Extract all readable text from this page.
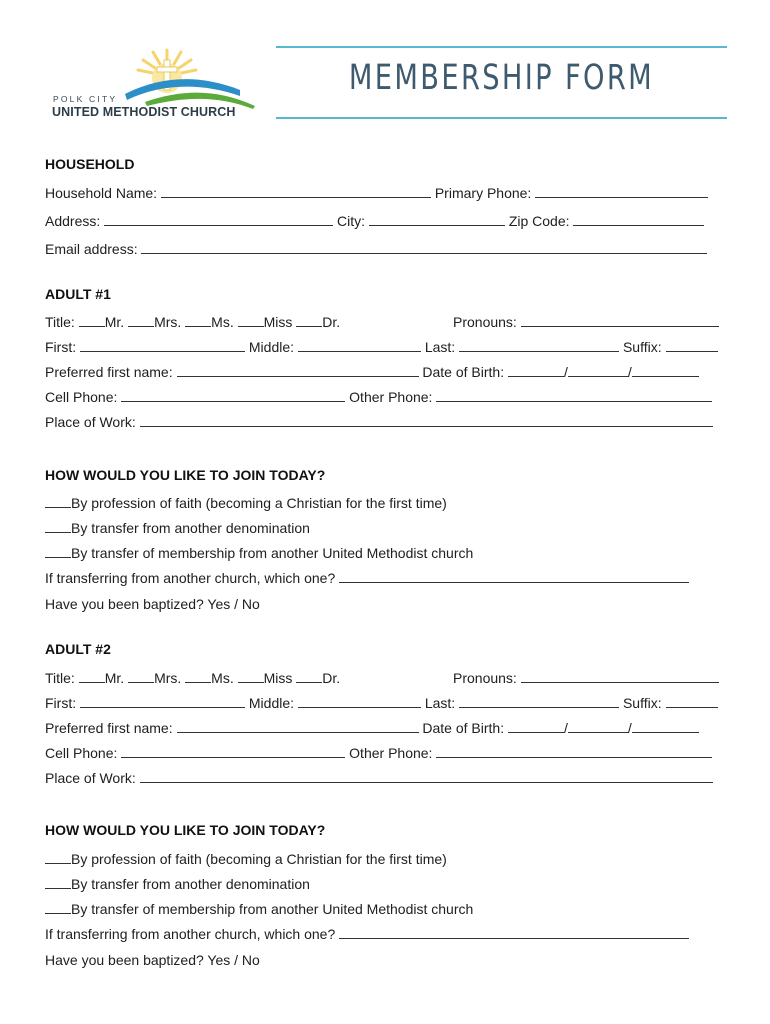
POLK CITY
UNITED METHODIST CHURCH
MEMBERSHIP FORM
HOUSEHOLD
Household Name:	Primary Phone:
Address:	City:	Zip Code:
Email address:
ADULT #1
Title: Mr. Mrs. Ms. Miss Dr.	Pronouns:
First:	Middle:	Last:	Suffix:
Preferred first name:	Date of Birth:	/	/
Cell Phone:	Other Phone:
Place of Work:
HOW WOULD YOU LIKE TO JOIN TODAY?
By profession of faith (becoming a Christian for the first time)
By transfer from another denomination
By transfer of membership from another United Methodist church
If transferring from another church, which one?
Have you been baptized? Yes / No
ADULT #2
Title: Mr. Mrs. Ms. Miss Dr.	Pronouns:
First:	Middle:	Last:	Suffix:
Preferred first name:	Date of Birth:	/	/
Cell Phone:	Other Phone:
Place of Work:
HOW WOULD YOU LIKE TO JOIN TODAY?
By profession of faith (becoming a Christian for the first time)
By transfer from another denomination
By transfer of membership from another United Methodist church
If transferring from another church, which one?
Have you been baptized? Yes / No
